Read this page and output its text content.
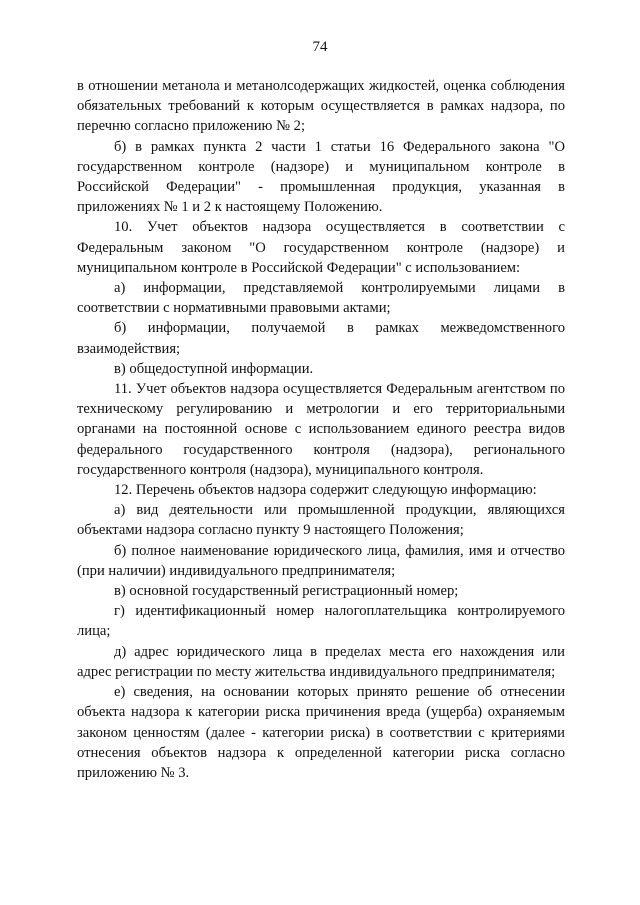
74

в отношении метанола и метанолсодержащих жидкостей, оценка соблюдения обязательных требований к которым осуществляется в рамках надзора, по перечню согласно приложению № 2;

б) в рамках пункта 2 части 1 статьи 16 Федерального закона "О государственном контроле (надзоре) и муниципальном контроле в Российской Федерации" - промышленная продукция, указанная в приложениях № 1 и 2 к настоящему Положению.

10. Учет объектов надзора осуществляется в соответствии с Федеральным законом "О государственном контроле (надзоре) и муниципальном контроле в Российской Федерации" с использованием:

а) информации, представляемой контролируемыми лицами в соответствии с нормативными правовыми актами;

б) информации, получаемой в рамках межведомственного взаимодействия;

в) общедоступной информации.

11. Учет объектов надзора осуществляется Федеральным агентством по техническому регулированию и метрологии и его территориальными органами на постоянной основе с использованием единого реестра видов федерального государственного контроля (надзора), регионального государственного контроля (надзора), муниципального контроля.

12. Перечень объектов надзора содержит следующую информацию:

а) вид деятельности или промышленной продукции, являющихся объектами надзора согласно пункту 9 настоящего Положения;

б) полное наименование юридического лица, фамилия, имя и отчество (при наличии) индивидуального предпринимателя;

в) основной государственный регистрационный номер;

г) идентификационный номер налогоплательщика контролируемого лица;

д) адрес юридического лица в пределах места его нахождения или адрес регистрации по месту жительства индивидуального предпринимателя;

е) сведения, на основании которых принято решение об отнесении объекта надзора к категории риска причинения вреда (ущерба) охраняемым законом ценностям (далее - категории риска) в соответствии с критериями отнесения объектов надзора к определенной категории риска согласно приложению № 3.
